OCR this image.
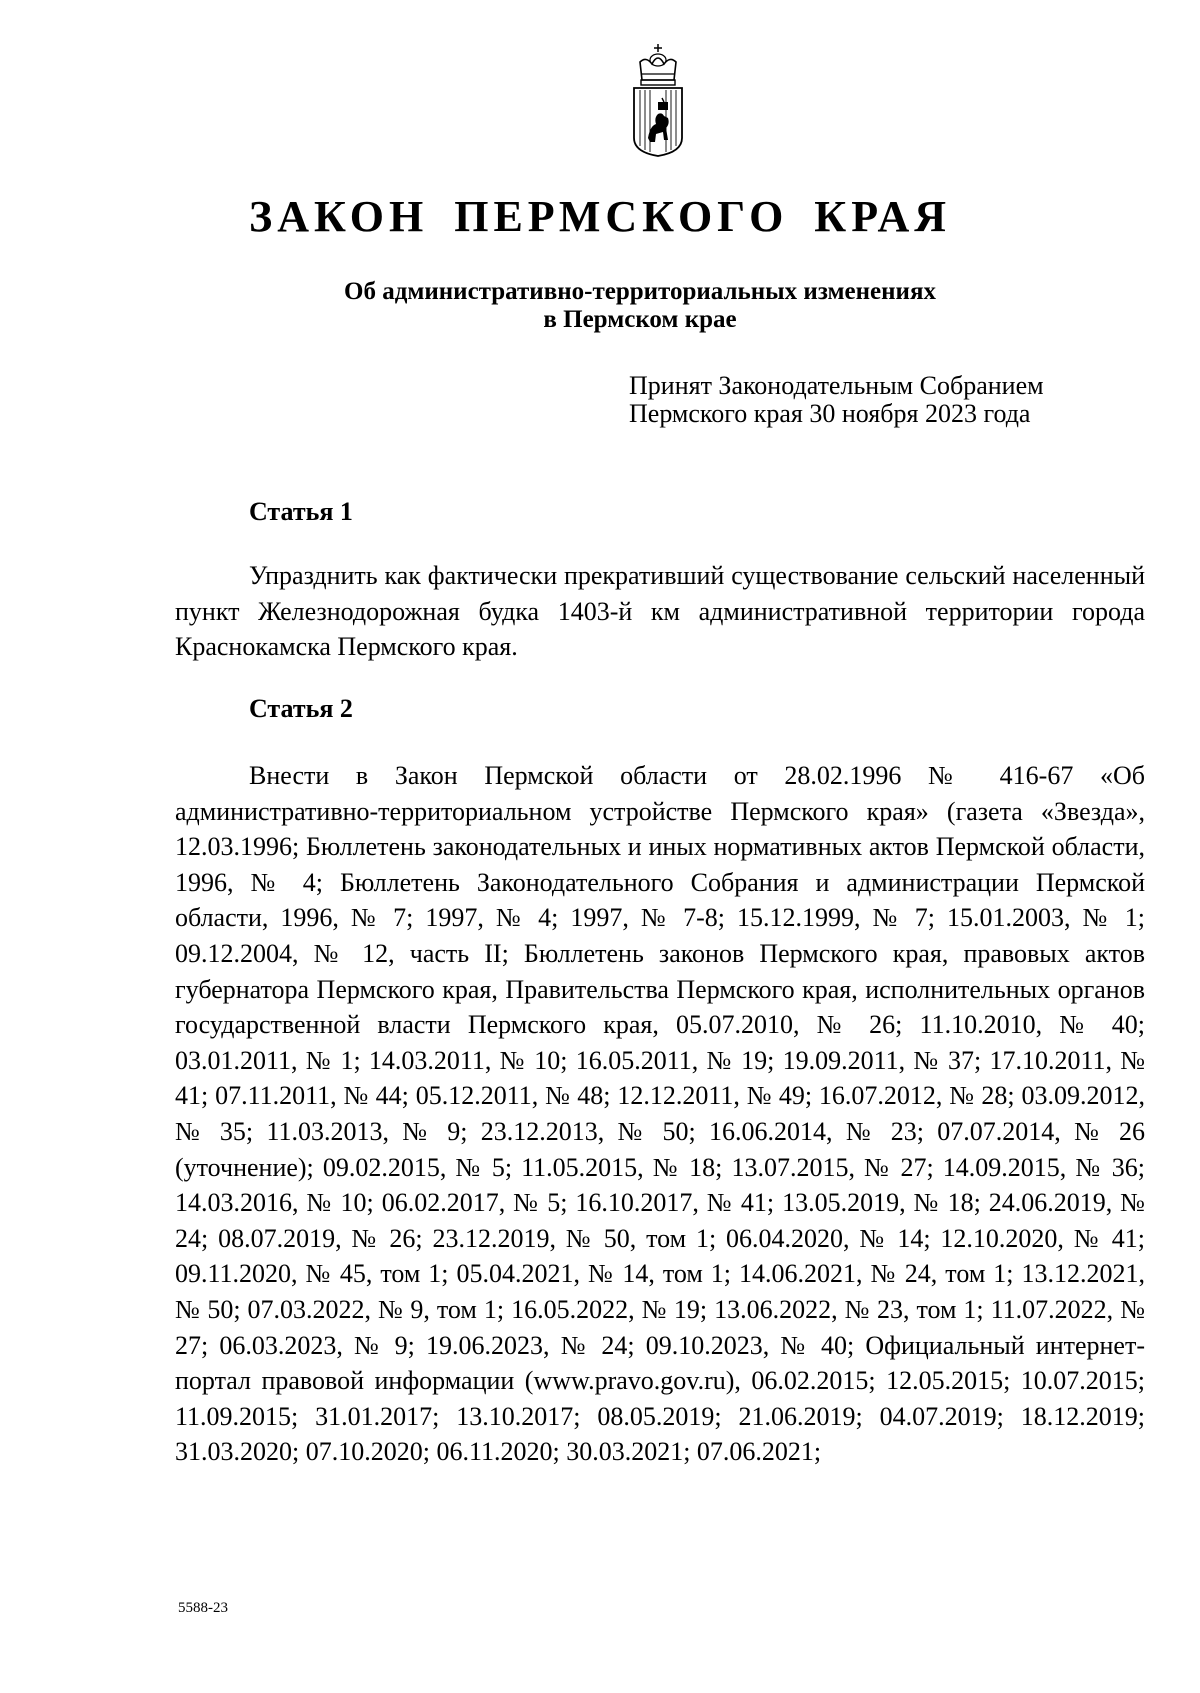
ЗАКОН ПЕРМСКОГО КРАЯ
Об административно-территориальных изменениях
в Пермском крае
Принят Законодательным Собранием
Пермского края 30 ноября 2023 года
Статья 1

Упразднить как фактически прекративший существование сельский населенный пункт Железнодорожная будка 1403-й км административной территории города Краснокамска Пермского края.

Статья 2

Внести в Закон Пермской области от 28.02.1996 № 416-67 «Об административно-территориальном устройстве Пермского края» (газета «Звезда», 12.03.1996; Бюллетень законодательных и иных нормативных актов Пермской области, 1996, № 4; Бюллетень Законодательного Собрания и администрации Пермской области, 1996, № 7; 1997, № 4; 1997, № 7-8; 15.12.1999, № 7; 15.01.2003, № 1; 09.12.2004, № 12, часть II; Бюллетень законов Пермского края, правовых актов губернатора Пермского края, Правительства Пермского края, исполнительных органов государственной власти Пермского края, 05.07.2010, № 26; 11.10.2010, № 40; 03.01.2011, № 1; 14.03.2011, № 10; 16.05.2011, № 19; 19.09.2011, № 37; 17.10.2011, № 41; 07.11.2011, № 44; 05.12.2011, № 48; 12.12.2011, № 49; 16.07.2012, № 28; 03.09.2012, № 35; 11.03.2013, № 9; 23.12.2013, № 50; 16.06.2014, № 23; 07.07.2014, № 26 (уточнение); 09.02.2015, № 5; 11.05.2015, № 18; 13.07.2015, № 27; 14.09.2015, № 36; 14.03.2016, № 10; 06.02.2017, № 5; 16.10.2017, № 41; 13.05.2019, № 18; 24.06.2019, № 24; 08.07.2019, № 26; 23.12.2019, № 50, том 1; 06.04.2020, № 14; 12.10.2020, № 41; 09.11.2020, № 45, том 1; 05.04.2021, № 14, том 1; 14.06.2021, № 24, том 1; 13.12.2021, № 50; 07.03.2022, № 9, том 1; 16.05.2022, № 19; 13.06.2022, № 23, том 1; 11.07.2022, № 27; 06.03.2023, № 9; 19.06.2023, № 24; 09.10.2023, № 40; Официальный интернет-портал правовой информации (www.pravo.gov.ru), 06.02.2015; 12.05.2015; 10.07.2015; 11.09.2015; 31.01.2017; 13.10.2017; 08.05.2019; 21.06.2019; 04.07.2019; 18.12.2019; 31.03.2020; 07.10.2020; 06.11.2020; 30.03.2021; 07.06.2021;

5588-23
